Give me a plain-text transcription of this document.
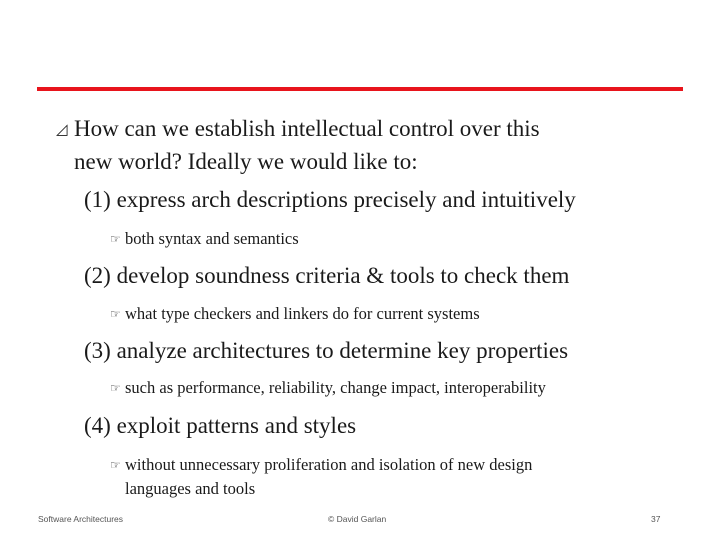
◿ How can we establish intellectual control over this
new world? Ideally we would like to:
(1) express arch descriptions precisely and intuitively
☞ both syntax and semantics
(2) develop soundness criteria & tools to check them
☞ what type checkers and linkers do for current systems
(3) analyze architectures to determine key properties
☞ such as performance, reliability, change impact, interoperability
(4) exploit patterns and styles
☞ without unnecessary proliferation and isolation of new design
languages and tools
Software Architectures	© David Garlan	37
